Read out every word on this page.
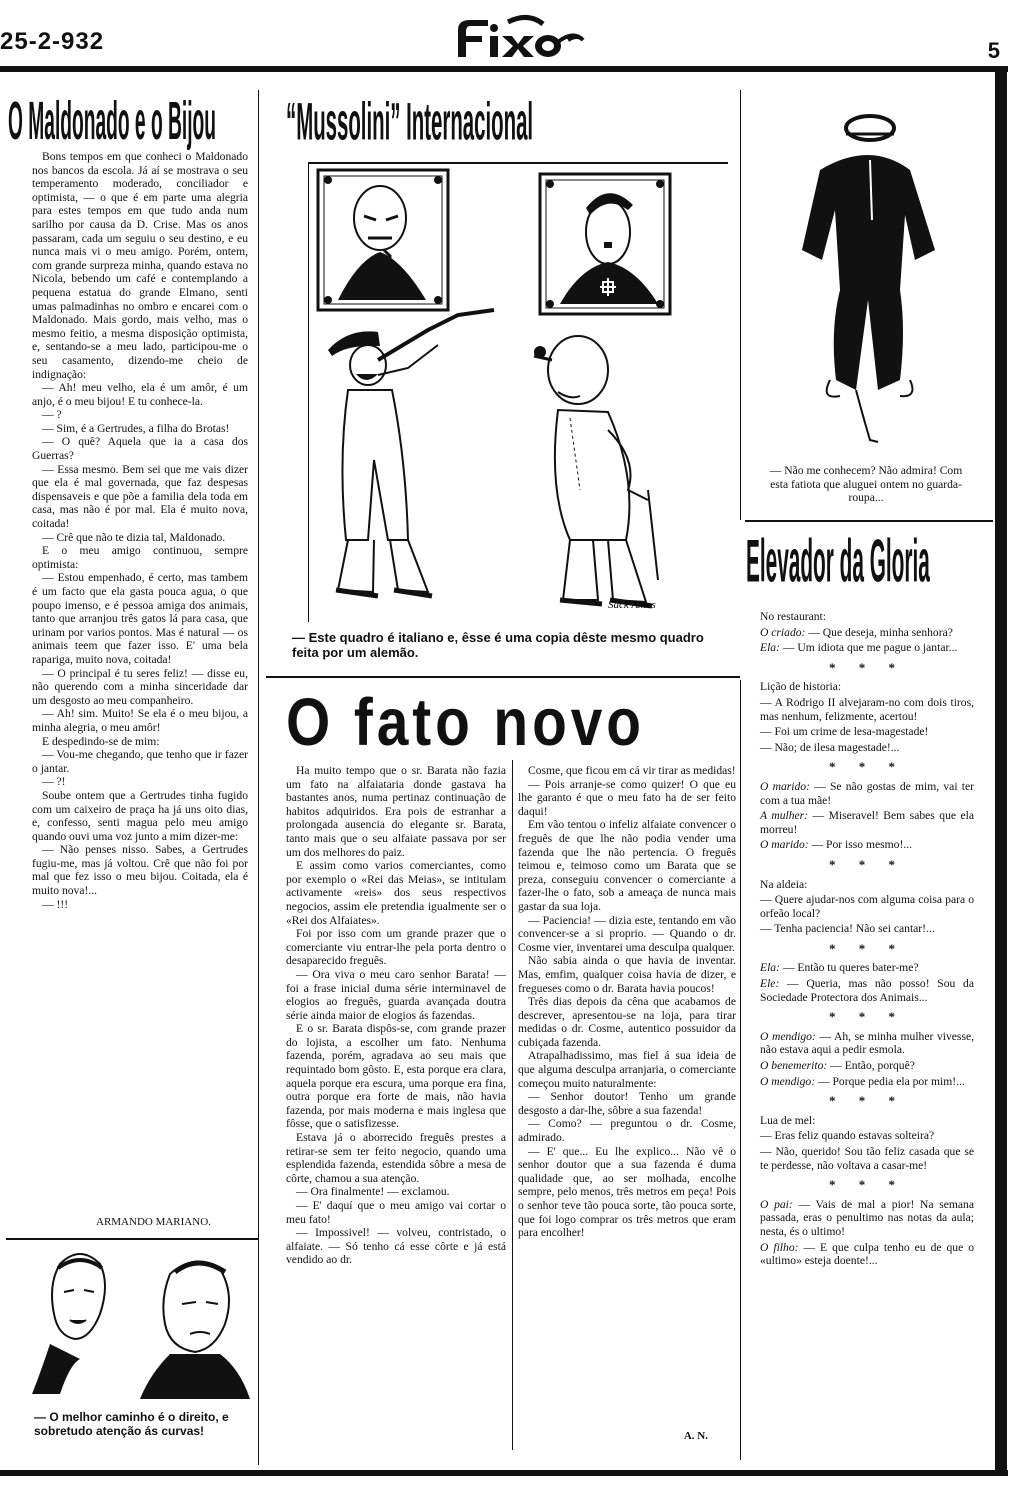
25-2-932	5
O Maldonado e o Bijou

Bons tempos em que conheci o Maldonado nos bancos da escola. Já aí se mostrava o seu temperamento moderado, conciliador e optimista, — o que é em parte uma alegria para estes tempos em que tudo anda num sarilho por causa da D. Crise. Mas os anos passaram, cada um seguiu o seu destino, e eu nunca mais vi o meu amigo. Porém, ontem, com grande surpreza minha, quando estava no Nicola, bebendo um café e contemplando a pequena estatua do grande Elmano, senti umas palmadinhas no ombro e encarei com o Maldonado. Mais gordo, mais velho, mas o mesmo feitio, a mesma disposição optimista, e, sentando-se a meu lado, participou-me o seu casamento, dizendo-me cheio de indignação:

— Ah! meu velho, ela é um amôr, é um anjo, é o meu bijou! E tu conhece-la.

— ?

— Sim, é a Gertrudes, a filha do Brotas!

— O quê? Aquela que ia a casa dos Guerras?

— Essa mesmo. Bem sei que me vais dizer que ela é mal governada, que faz despesas dispensaveis e que põe a familia dela toda em casa, mas não é por mal. Ela é muito nova, coitada!

— Crê que não te dizia tal, Maldonado.

E o meu amigo continuou, sempre optimista:

— Estou empenhado, é certo, mas tambem é um facto que ela gasta pouca agua, o que poupo imenso, e é pessoa amiga dos animais, tanto que arranjou três gatos lá para casa, que urinam por varios pontos. Mas é natural — os animais teem que fazer isso. E' uma bela rapariga, muito nova, coitada!

— O principal é tu seres feliz! — disse eu, não querendo com a minha sinceridade dar um desgosto ao meu companheiro.

— Ah! sim. Muito! Se ela é o meu bijou, a minha alegria, o meu amôr!

E despedindo-se de mim:

— Vou-me chegando, que tenho que ir fazer o jantar.

— ?!

Soube ontem que a Gertrudes tinha fugido com um caixeiro de praça ha já uns oito dias, e, confesso, senti magua pelo meu amigo quando ouvi uma voz junto a mim dizer-me:

— Não penses nisso. Sabes, a Gertrudes fugiu-me, mas já voltou. Crê que não foi por mal que fez isso o meu bijou. Coitada, ela é muito nova!...

— !!!

ARMANDO MARIANO.
— O melhor caminho é o direito, e sobretudo atenção ás curvas!
“Mussolini” Internacional
Sack Amos
— Este quadro é italiano e, êsse é uma copia dêste mesmo quadro feita por um alemão.
O fato novo

Ha muito tempo que o sr. Barata não fazia um fato na alfaiataria donde gastava ha bastantes anos, numa pertinaz continuação de habitos adquiridos. Era pois de estranhar a prolongada ausencia do elegante sr. Barata, tanto mais que o seu alfaiate passava por ser um dos melhores do paiz.

E assim como varios comerciantes, como por exemplo o «Rei das Meias», se intitulam activamente «reis» dos seus respectivos negocios, assim ele pretendia igualmente ser o «Rei dos Alfaiates».

Foi por isso com um grande prazer que o comerciante viu entrar-lhe pela porta dentro o desaparecido freguês.

— Ora viva o meu caro senhor Barata! — foi a frase inicial duma série interminavel de elogios ao freguês, guarda avançada doutra série ainda maior de elogios ás fazendas.

E o sr. Barata dispôs-se, com grande prazer do lojista, a escolher um fato. Nenhuma fazenda, porém, agradava ao seu mais que requintado bom gôsto. E, esta porque era clara, aquela porque era escura, uma porque era fina, outra porque era forte de mais, não havia fazenda, por mais moderna e mais inglesa que fôsse, que o satisfizesse.

Estava já o aborrecido freguês prestes a retirar-se sem ter feito negocio, quando uma esplendida fazenda, estendida sôbre a mesa de côrte, chamou a sua atenção.

— Ora finalmente! — exclamou.

— E' daquí que o meu amigo vai cortar o meu fato!

— Impossivel! — volveu, contristado, o alfaiate. — Só tenho cá esse côrte e já está vendido ao dr.

Cosme, que ficou em cá vir tirar as medidas!

— Pois arranje-se como quizer! O que eu lhe garanto é que o meu fato ha de ser feito daqui!

Em vão tentou o infeliz alfaiate convencer o freguês de que lhe não podia vender uma fazenda que lhe não pertencia. O freguês teimou e, teimoso como um Barata que se preza, conseguiu convencer o comerciante a fazer-lhe o fato, sob a ameaça de nunca mais gastar da sua loja.

— Paciencia! — dizia este, tentando em vão convencer-se a si proprio. — Quando o dr. Cosme vier, inventarei uma desculpa qualquer.

Não sabia ainda o que havia de inventar. Mas, emfim, qualquer coisa havia de dizer, e fregueses como o dr. Barata havia poucos!

Três dias depois da cêna que acabamos de descrever, apresentou-se na loja, para tirar medidas o dr. Cosme, autentico possuidor da cubiçada fazenda.

Atrapalhadissimo, mas fiel á sua ideia de que alguma desculpa arranjaria, o comerciante começou muito naturalmente:

— Senhor doutor! Tenho um grande desgosto a dar-lhe, sôbre a sua fazenda!

— Como? — preguntou o dr. Cosme, admirado.

— E' que... Eu lhe explico... Não vê o senhor doutor que a sua fazenda é duma qualidade que, ao ser molhada, encolhe sempre, pelo menos, três metros em peça! Pois o senhor teve tão pouca sorte, tão pouca sorte, que foi logo comprar os três metros que eram para encolher!

A. N.
— Não me conhecem? Não admira! Com esta fatiota que aluguei ontem no guarda-roupa...
Elevador da Gloria
No restaurant:
O criado: — Que deseja, minha senhora?
Ela: — Um idiota que me pague o jantar...
* * *
Lição de historia:
— A Rodrigo II alvejaram-no com dois tiros, mas nenhum, felizmente, acertou!
— Foi um crime de lesa-magestade!
— Não; de ilesa magestade!...
* * *
O marido: — Se não gostas de mim, vai ter com a tua mãe!
A mulher: — Miseravel! Bem sabes que ela morreu!
O marido: — Por isso mesmo!...
* * *
Na aldeia:
— Quere ajudar-nos com alguma coisa para o orfeão local?
— Tenha paciencia! Não sei cantar!...
* * *
Ela: — Então tu queres bater-me?
Ele: — Queria, mas não posso! Sou da Sociedade Protectora dos Animais...
* * *
O mendigo: — Ah, se minha mulher vivesse, não estava aqui a pedir esmola.
O benemerito: — Então, porquê?
O mendigo: — Porque pedia ela por mim!...
* * *
Lua de mel:
— Eras feliz quando estavas solteira?
— Não, querido! Sou tão feliz casada que se te perdesse, não voltava a casar-me!
* * *
O pai: — Vais de mal a pior! Na semana passada, eras o penultimo nas notas da aula; nesta, és o ultimo!
O filho: — E que culpa tenho eu de que o «ultimo» esteja doente!...
